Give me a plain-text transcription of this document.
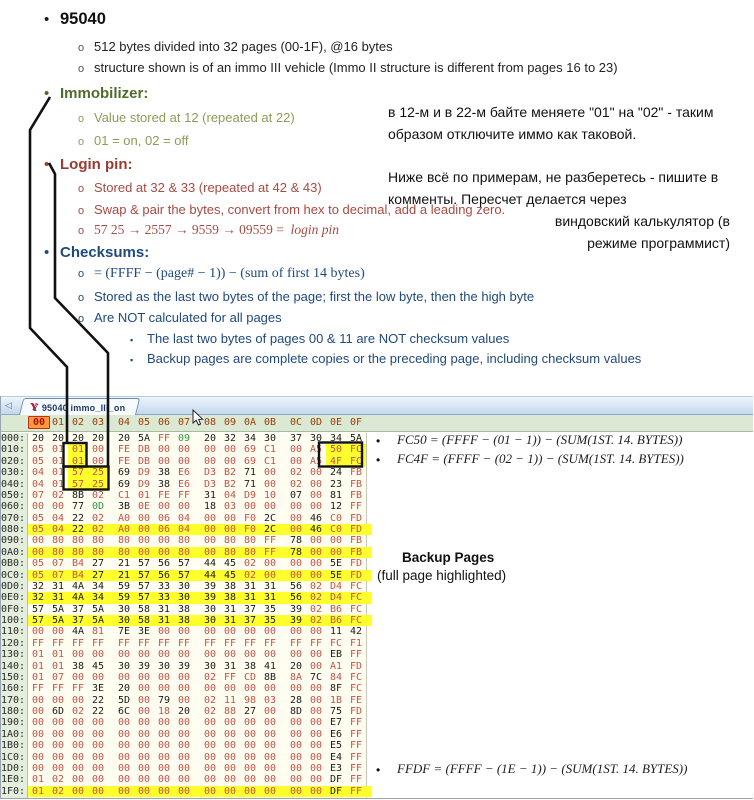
• 95040
o 512 bytes divided into 32 pages (00-1F), @16 bytes
o structure shown is of an immo III vehicle (Immo II structure is different from pages 16 to 23)
• Immobilizer:
o Value stored at 12 (repeated at 22)
o 01 = on, 02 = off
в 12-м и в 22-м байте меняете "01" на "02" - таким
образом отключите иммо как таковой.
• Login pin:
o Stored at 32 & 33 (repeated at 42 & 43)
o Swap & pair the bytes, convert from hex to decimal, add a leading zero.
o 57 25 → 2557 → 9559 → 09559 = login pin
Ниже всё по примерам, не разберетесь - пишите в
комменты. Пересчет делается через
виндовский калькулятор (в
режиме программист)
• Checksums:
o = (FFFF − (page# − 1)) − (sum of first 14 bytes)
o Stored as the last two bytes of the page; first the low byte, then the high byte
o Are NOT calculated for all pages
▪	The last two bytes of pages 00 & 11 are NOT checksum values
▪	Backup pages are complete copies or the preceding page, including checksum values
◁ Y 95040 immo_III_on
00 01 02 03	04 05 06 07	08 09 0A 0B	0C 0D 0E 0F
000: 20 20 20 20	20 5A FF 09	20 32 34 30	37 30 34 5A
010: 05 01 01 00	FE DB 00 00	00 00 69 C1	00 A5 50 FC
020: 05 01 01 00	FE DB 00 00	00 00 69 C1	00 A5 4F FC
030: 04 01 57 25	69 D9 38 E6	D3 B2 71 00	02 00 24 FB
040: 04 01 57 25	69 D9 38 E6	D3 B2 71 00	02 00 23 FB
050: 07 02 8B 02	C1 01 FE FF	31 04 D9 10	07 00 81 FB
060: 00 00 77 0D	3B 0E 00 00	18 03 00 00	00 00 12 FF
070: 05 04 22 02	A0 00 06 04	00 00 F0 2C	00 46 C0 FD
080: 05 04 22 02	A0 00 06 04	00 00 F0 2C	00 46 C0 FD
090: 00 80 80 80	80 00 00 80	00 80 80 FF	78 00 00 FB
0A0: 00 80 80 80	80 00 00 80	00 80 80 FF	78 00 00 FB
0B0: 05 07 B4 27	21 57 56 57	44 45 02 00	00 00 5E FD
0C0: 05 07 B4 27	21 57 56 57	44 45 02 00	00 00 5E FD
0D0: 32 31 4A 34	59 57 33 30	39 38 31 31	56 02 D4 FC
0E0: 32 31 4A 34	59 57 33 30	39 38 31 31	56 02 D4 FC
0F0: 57 5A 37 5A	30 58 31 38	30 31 37 35	39 02 B6 FC
100: 57 5A 37 5A	30 58 31 38	30 31 37 35	39 02 B6 FC
110: 00 00 4A 81	7E 3E 00 00	00 00 00 00	00 00 11 42
120: FF FF FF FF	FF FF FF FF	FF FF FF FF	FF FF FC F1
130: 01 01 00 00	00 00 00 00	00 00 00 00	00 00 EB FF
140: 01 01 38 45	30 39 30 39	30 31 38 41	20 00 A1 FD
150: 01 07 00 00	00 00 00 00	02 FF CD 8B	8A 7C 84 FC
160: FF FF FF 3E	20 00 00 00	00 00 00 00	00 00 8F FC
170: 00 00 00 22	5D 00 79 00	02 11 98 03	28 00 1B FE
180: 00 6D 02 22	6C 00 18 20	02 88 27 00	8D 00 75 FD
190: 00 00 00 00	00 00 00 00	00 00 00 00	00 00 E7 FF
1A0: 00 00 00 00	00 00 00 00	00 00 00 00	00 00 E6 FF
1B0: 00 00 00 00	00 00 00 00	00 00 00 00	00 00 E5 FF
1C0: 00 00 00 00	00 00 00 00	00 00 00 00	00 00 E4 FF
1D0: 00 00 00 00	00 00 00 00	00 00 00 00	00 00 E3 FF
1E0: 01 02 00 00	00 00 00 00	00 00 00 00	00 00 DF FF
1F0: 01 02 00 00	00 00 00 00	00 00 00 00	00 00 DF FF
• FC50 = (FFFF − (01 − 1)) − (SUM(1ST. 14. BYTES))
• FC4F = (FFFF − (02 − 1)) − (SUM(1ST. 14. BYTES))
Backup Pages
(full page highlighted)
• FFDF = (FFFF − (1E − 1)) − (SUM(1ST. 14. BYTES))
